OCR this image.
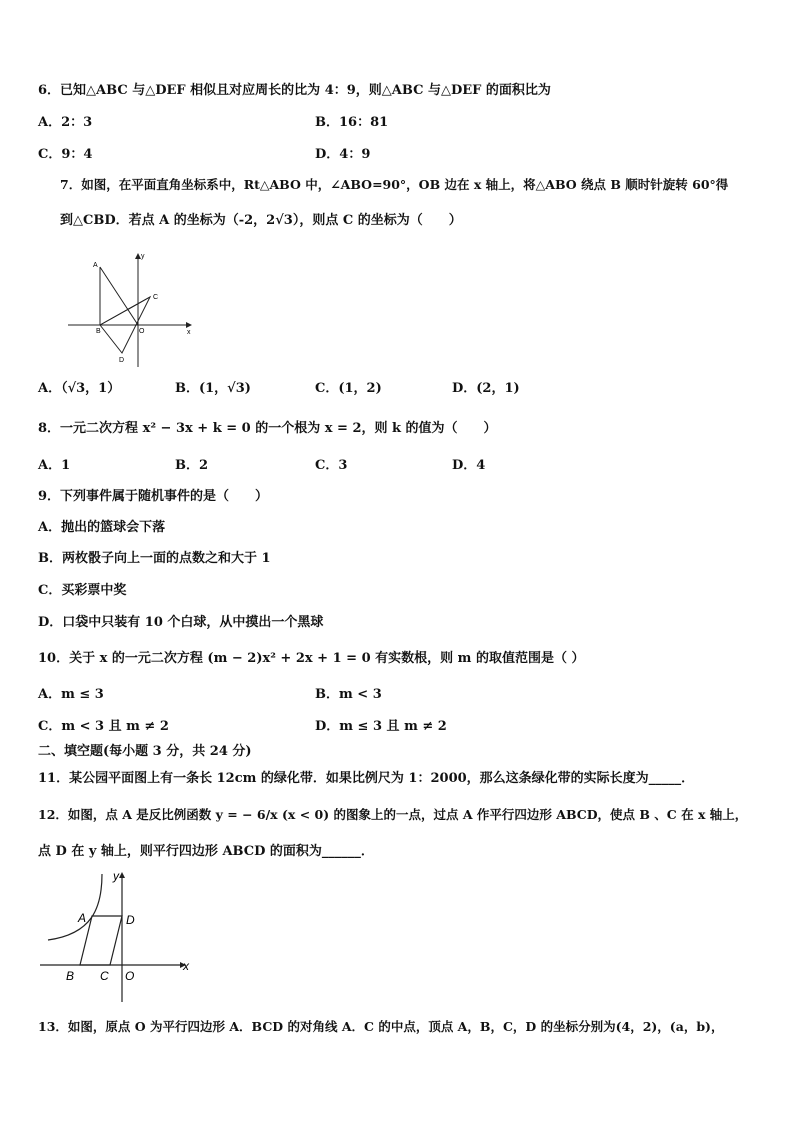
6．已知△ABC 与△DEF 相似且对应周长的比为 4：9，则△ABC 与△DEF 的面积比为
A．2：3	B．16：81
C．9：4	D．4：9
7．如图，在平面直角坐标系中，Rt△ABO 中，∠ABO=90°，OB 边在 x 轴上，将△ABO 绕点 B 顺时针旋转 60°得
到△CBD．若点 A 的坐标为（-2，2√3），则点 C 的坐标为（　　）
A
B
C
D
O	x
y
A．（√3，1）	B．(1，√3)	C．(1，2)	D．(2，1)
8．一元二次方程 x² − 3x + k = 0 的一个根为 x = 2，则 k 的值为（　　）
A．1	B．2	C．3	D．4
9．下列事件属于随机事件的是（　　）
A．抛出的篮球会下落
B．两枚骰子向上一面的点数之和大于 1
C．买彩票中奖
D．口袋中只装有 10 个白球，从中摸出一个黑球
10．关于 x 的一元二次方程 (m − 2)x² + 2x + 1 = 0 有实数根，则 m 的取值范围是（ ）
A．m ≤ 3	B．m < 3
C．m < 3 且 m ≠ 2	D．m ≤ 3 且 m ≠ 2
二、填空题(每小题 3 分，共 24 分)
11．某公园平面图上有一条长 12cm 的绿化带．如果比例尺为 1：2000，那么这条绿化带的实际长度为_____．
12．如图，点 A 是反比例函数 y = − 6/x (x < 0) 的图象上的一点，过点 A 作平行四边形 ABCD，使点 B 、C 在 x 轴上，
点 D 在 y 轴上，则平行四边形 ABCD 的面积为______．
A
B C
D
O
x
y
13．如图，原点 O 为平行四边形 A．BCD 的对角线 A．C 的中点，顶点 A，B，C，D 的坐标分别为(4，2)，(a，b)，
